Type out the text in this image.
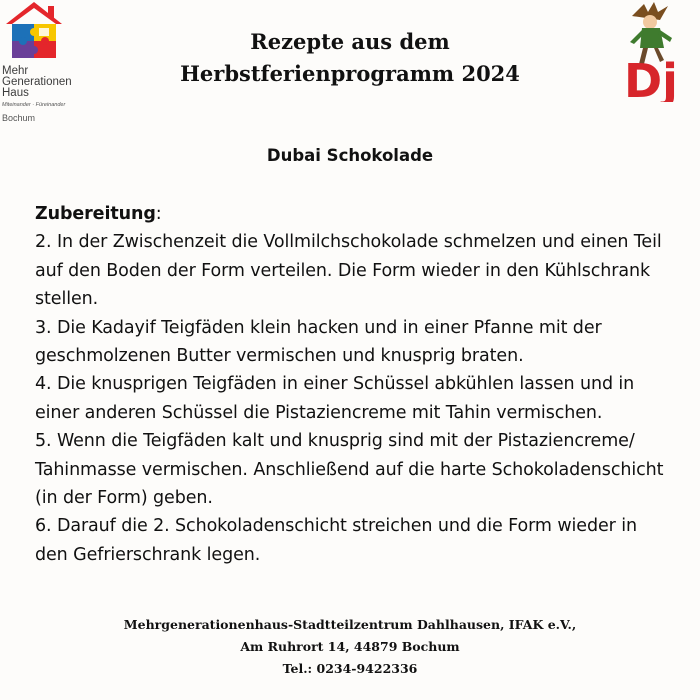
Mehr
Generationen
Haus
Miteinander · Füreinander
Bochum
Dj
Rezepte aus dem
Herbstferienprogramm 2024
Dubai Schokolade

Zubereitung:

2. In der Zwischenzeit die Vollmilchschokolade schmelzen und einen Teil auf den Boden der Form verteilen. Die Form wieder in den Kühlschrank stellen.

3. Die Kadayif Teigfäden klein hacken und in einer Pfanne mit der geschmolzenen Butter vermischen und knusprig braten.

4. Die knusprigen Teigfäden in einer Schüssel abkühlen lassen und in einer anderen Schüssel die Pistaziencreme mit Tahin vermischen.

5. Wenn die Teigfäden kalt und knusprig sind mit der Pistaziencreme/ Tahinmasse vermischen. Anschließend auf die harte Schokoladenschicht (in der Form) geben.

6. Darauf die 2. Schokoladenschicht streichen und die Form wieder in den Gefrierschrank legen.

Mehrgenerationenhaus-Stadtteilzentrum Dahlhausen, IFAK e.V.,
Am Ruhrort 14, 44879 Bochum
Tel.: 0234-9422336
